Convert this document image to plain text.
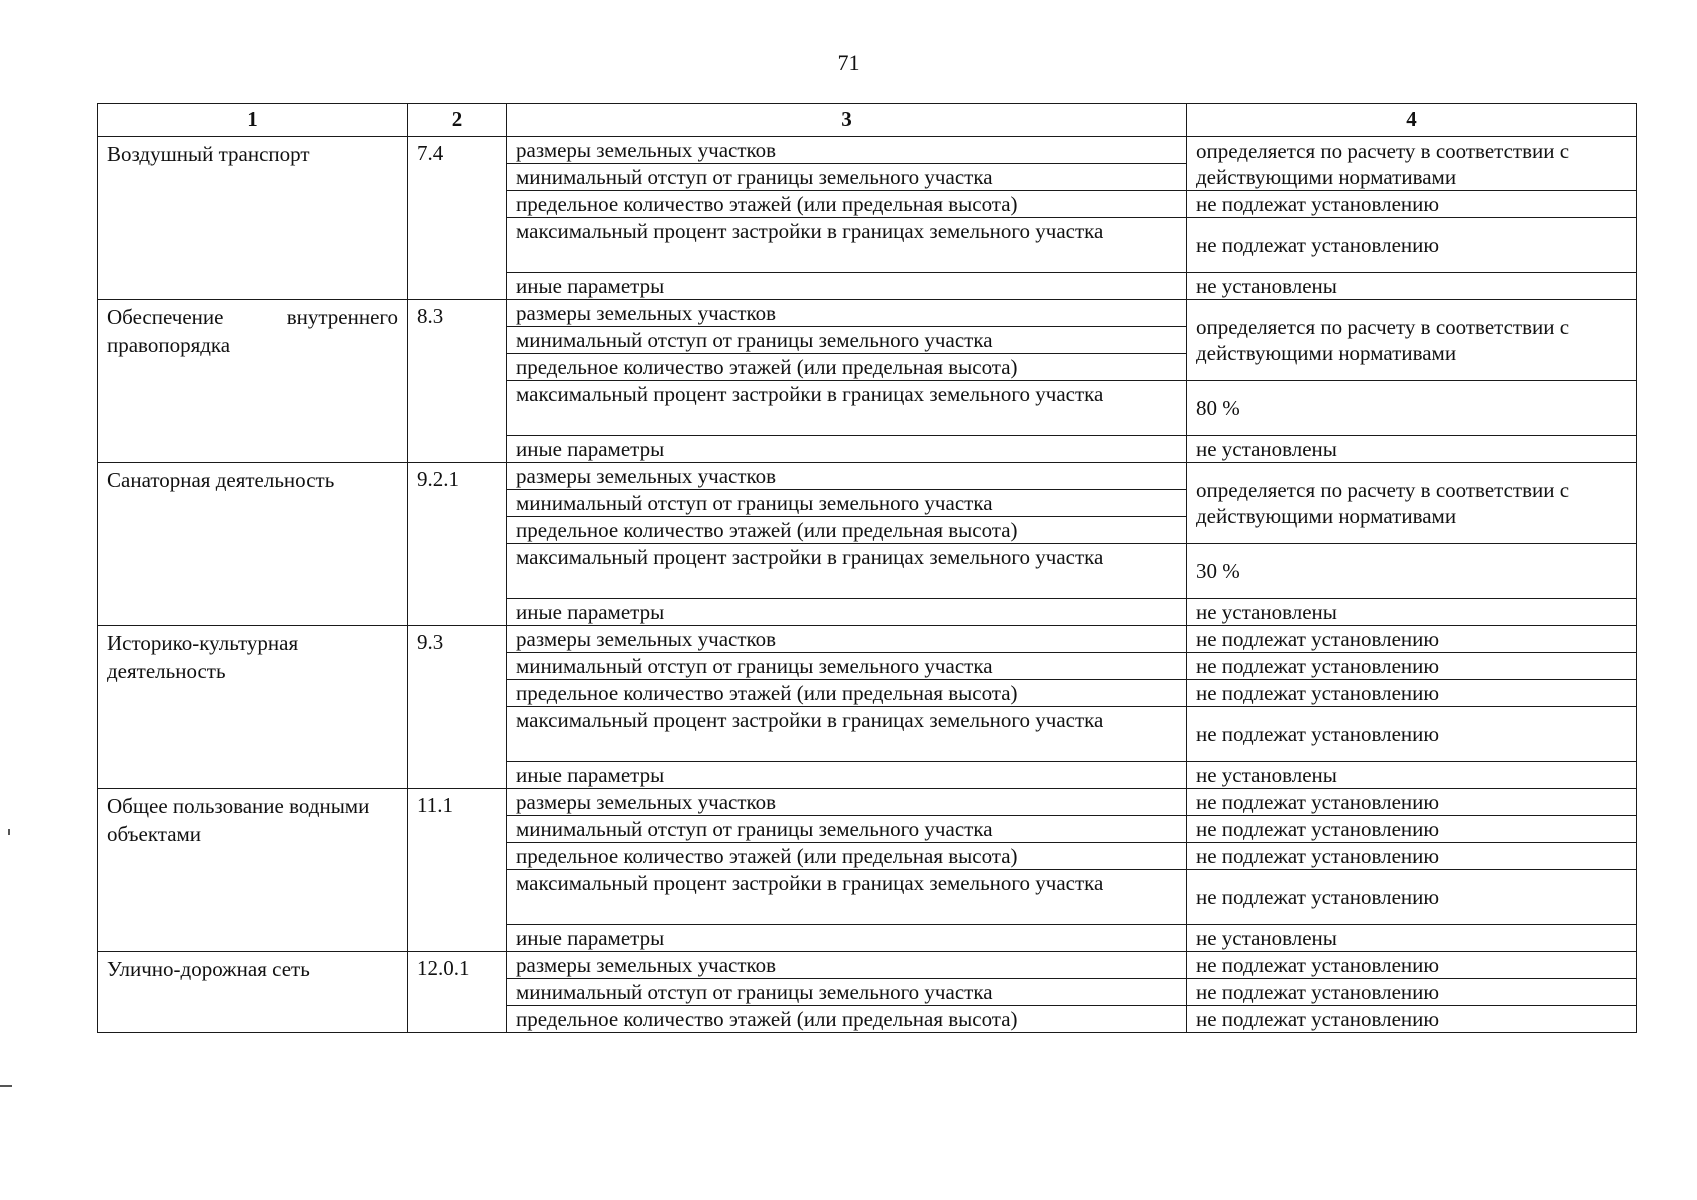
71
1	2	3	4
Воздушный транспорт	7.4	размеры земельных участков	определяется по расчету в соответствии с действующими нормативами
		минимальный отступ от границы земельного участка	
		предельное количество этажей (или предельная высота)	не подлежат установлению
		максимальный процент застройки в границах земельного участка	не подлежат установлению
		иные параметры	не установлены
Обеспечение внутреннего правопорядка	8.3	размеры земельных участков	определяется по расчету в соответствии с действующими нормативами
		минимальный отступ от границы земельного участка	
		предельное количество этажей (или предельная высота)	
		максимальный процент застройки в границах земельного участка	80 %
		иные параметры	не установлены
Санаторная деятельность	9.2.1	размеры земельных участков	определяется по расчету в соответствии с действующими нормативами
		минимальный отступ от границы земельного участка	
		предельное количество этажей (или предельная высота)	
		максимальный процент застройки в границах земельного участка	30 %
		иные параметры	не установлены
Историко-культурная деятельность	9.3	размеры земельных участков	не подлежат установлению
		минимальный отступ от границы земельного участка	не подлежат установлению
		предельное количество этажей (или предельная высота)	не подлежат установлению
		максимальный процент застройки в границах земельного участка	не подлежат установлению
		иные параметры	не установлены
Общее пользование водными объектами	11.1	размеры земельных участков	не подлежат установлению
		минимальный отступ от границы земельного участка	не подлежат установлению
		предельное количество этажей (или предельная высота)	не подлежат установлению
		максимальный процент застройки в границах земельного участка	не подлежат установлению
		иные параметры	не установлены
Улично-дорожная сеть	12.0.1	размеры земельных участков	не подлежат установлению
		минимальный отступ от границы земельного участка	не подлежат установлению
		предельное количество этажей (или предельная высота)	не подлежат установлению
